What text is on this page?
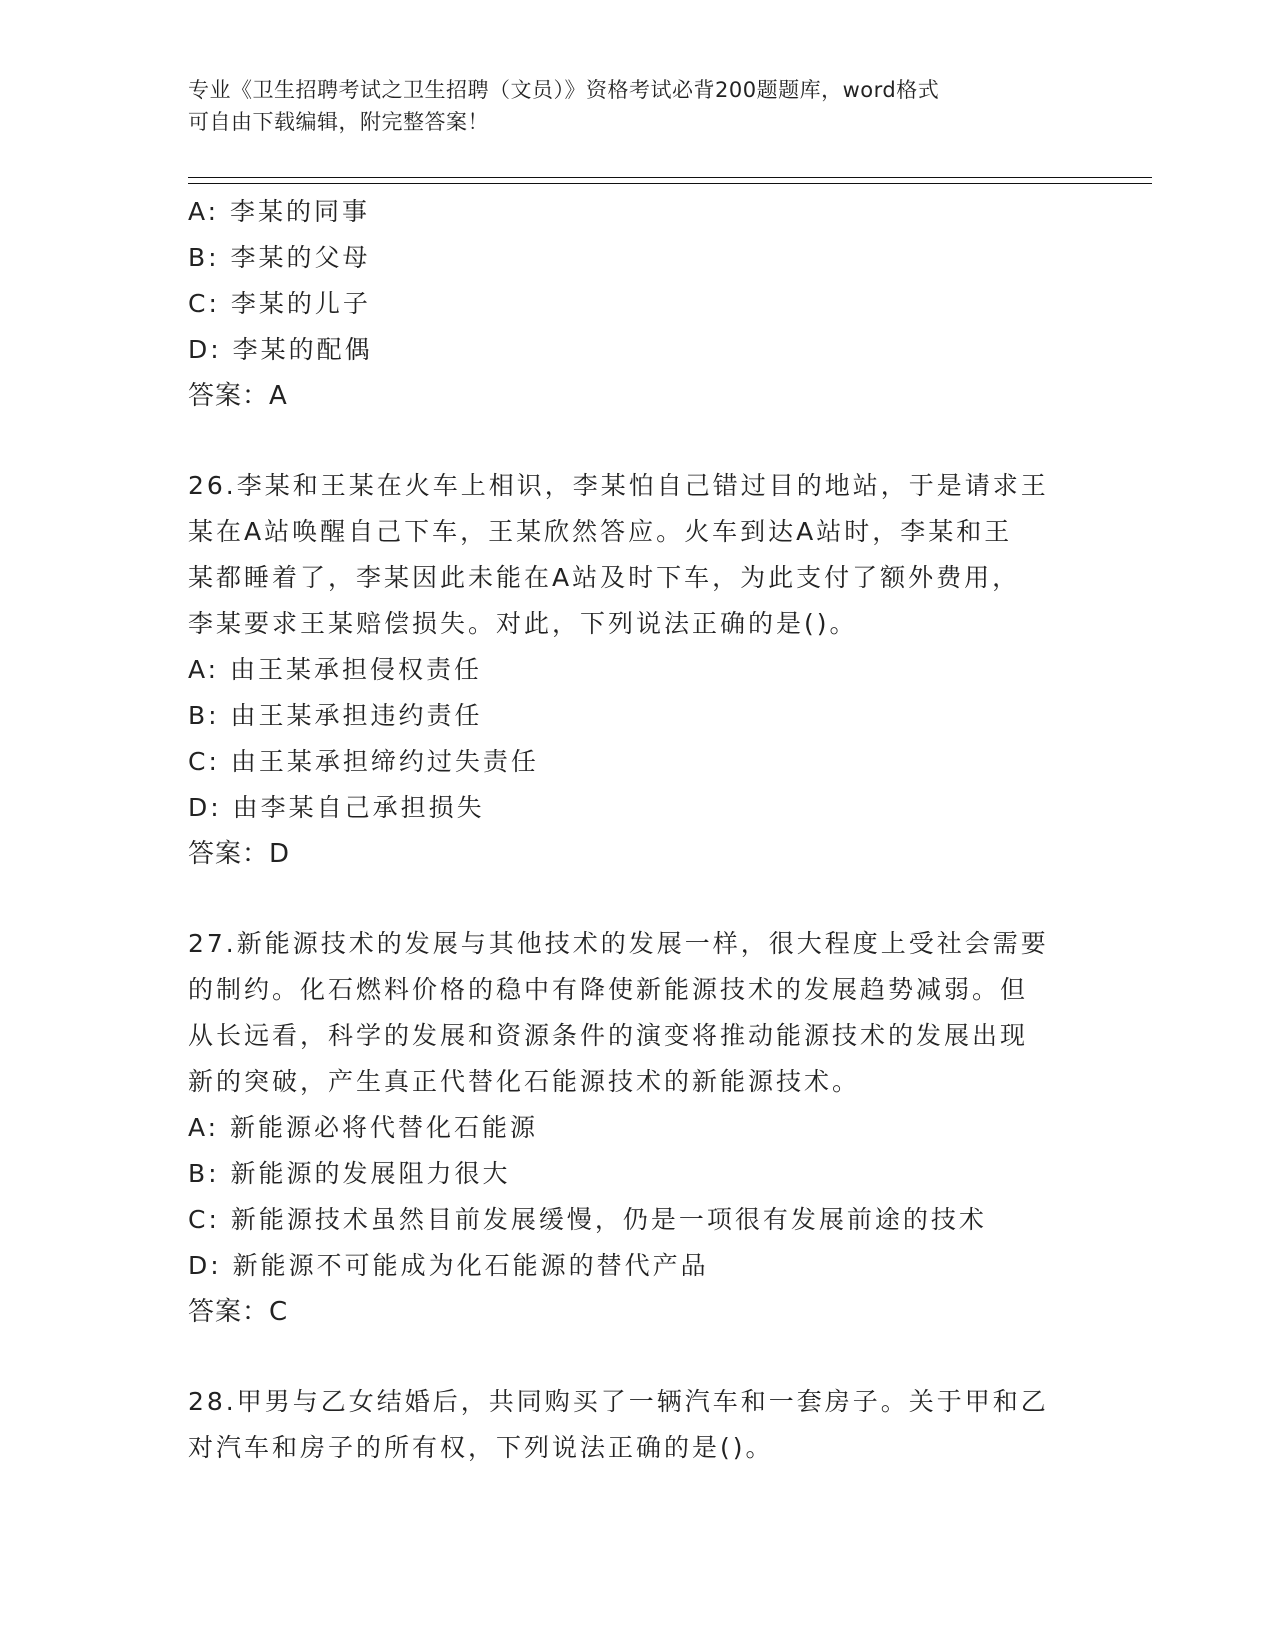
专业《卫生招聘考试之卫生招聘（文员）》资格考试必背200题题库，word格式
可自由下载编辑，附完整答案！
A: 李某的同事
B: 李某的父母
C: 李某的儿子
D: 李某的配偶
答案：A
26.李某和王某在火车上相识，李某怕自己错过目的地站，于是请求王
某在A站唤醒自己下车，王某欣然答应。火车到达A站时，李某和王
某都睡着了，李某因此未能在A站及时下车，为此支付了额外费用，
李某要求王某赔偿损失。对此，下列说法正确的是()。
A: 由王某承担侵权责任
B: 由王某承担违约责任
C: 由王某承担缔约过失责任
D: 由李某自己承担损失
答案：D
27.新能源技术的发展与其他技术的发展一样，很大程度上受社会需要
的制约。化石燃料价格的稳中有降使新能源技术的发展趋势减弱。但
从长远看，科学的发展和资源条件的演变将推动能源技术的发展出现
新的突破，产生真正代替化石能源技术的新能源技术。
A: 新能源必将代替化石能源
B: 新能源的发展阻力很大
C: 新能源技术虽然目前发展缓慢，仍是一项很有发展前途的技术
D: 新能源不可能成为化石能源的替代产品
答案：C
28.甲男与乙女结婚后，共同购买了一辆汽车和一套房子。关于甲和乙
对汽车和房子的所有权，下列说法正确的是()。
